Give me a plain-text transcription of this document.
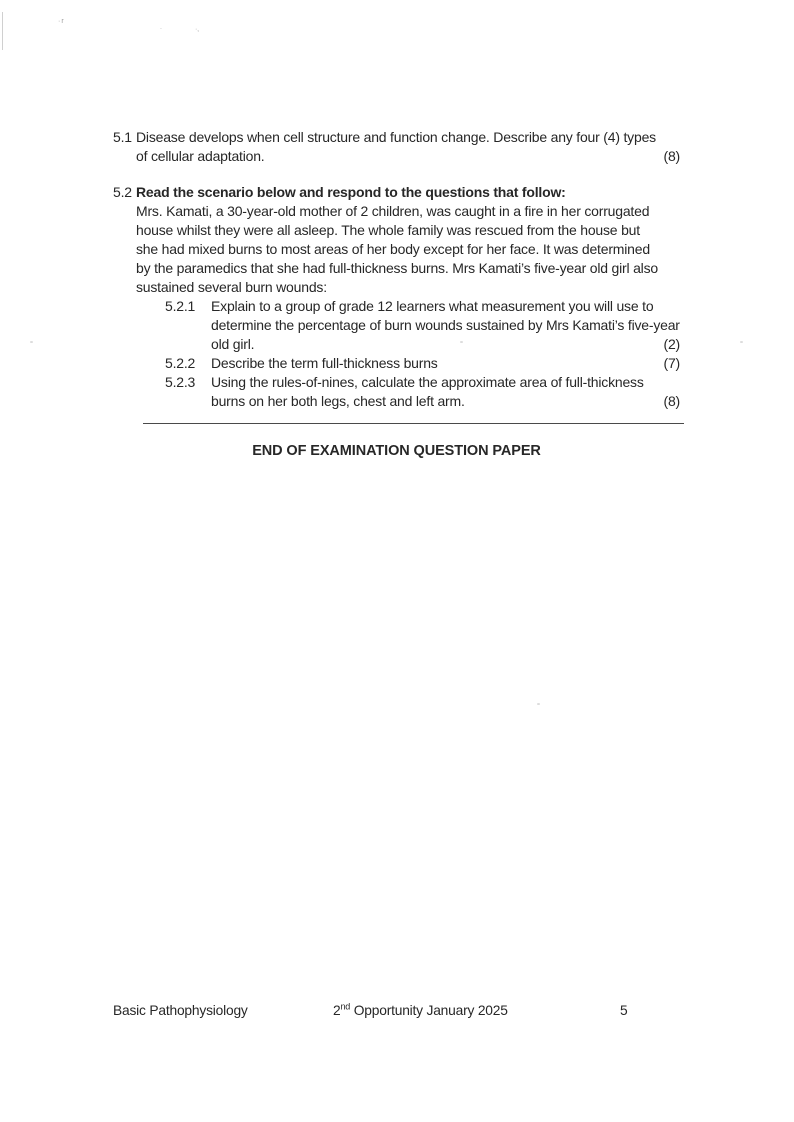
·r
.	·,
5.1 Disease develops when cell structure and function change. Describe any four (4) types
of cellular adaptation.	(8)
5.2 Read the scenario below and respond to the questions that follow:
Mrs. Kamati, a 30-year-old mother of 2 children, was caught in a fire in her corrugated
house whilst they were all asleep. The whole family was rescued from the house but
she had mixed burns to most areas of her body except for her face. It was determined
by the paramedics that she had full-thickness burns. Mrs Kamati’s five-year old girl also
sustained several burn wounds:
5.2.1	Explain to a group of grade 12 learners what measurement you will use to
determine the percentage of burn wounds sustained by Mrs Kamati’s five-year
old girl.	(2)
5.2.2	Describe the term full-thickness burns	(7)
5.2.3	Using the rules-of-nines, calculate the approximate area of full-thickness
burns on her both legs, chest and left arm.	(8)
END OF EXAMINATION QUESTION PAPER
Basic Pathophysiology	2nd Opportunity January 2025	5
